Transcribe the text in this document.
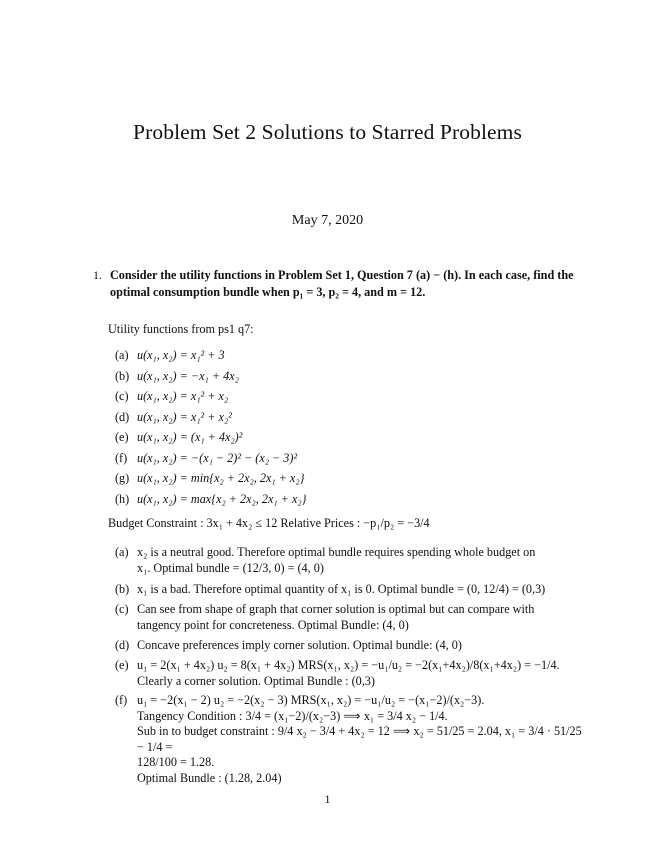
Problem Set 2 Solutions to Starred Problems
May 7, 2020
1. Consider the utility functions in Problem Set 1, Question 7 (a) − (h). In each case, find the optimal consumption bundle when p₁ = 3, p₂ = 4, and m = 12.
Utility functions from ps1 q7:
(a) u(x₁, x₂) = x₁² + 3
(b) u(x₁, x₂) = −x₁ + 4x₂
(c) u(x₁, x₂) = x₁² + x₂
(d) u(x₁, x₂) = x₁² + x₂²
(e) u(x₁, x₂) = (x₁ + 4x₂)²
(f) u(x₁, x₂) = −(x₁ − 2)² − (x₂ − 3)²
(g) u(x₁, x₂) = min{x₂ + 2x₂, 2x₁ + x₂}
(h) u(x₁, x₂) = max{x₂ + 2x₂, 2x₁ + x₂}
Budget Constraint : 3x₁ + 4x₂ ≤ 12 Relative Prices : −p₁/p₂ = −3/4
(a) x₂ is a neutral good. Therefore optimal bundle requires spending whole budget on
x₁. Optimal bundle = (12/3, 0) = (4, 0)
(b) x₁ is a bad. Therefore optimal quantity of x₁ is 0. Optimal bundle = (0, 12/4) = (0,3)
(c) Can see from shape of graph that corner solution is optimal but can compare with
tangency point for concreteness. Optimal Bundle: (4, 0)
(d) Concave preferences imply corner solution. Optimal bundle: (4, 0)
(e) u₁ = 2(x₁ + 4x₂) u₂ = 8(x₁ + 4x₂) MRS(x₁, x₂) = −u₁/u₂ = −2(x₁+4x₂)/8(x₁+4x₂) = −1/4.
Clearly a corner solution. Optimal Bundle : (0,3)
(f) u₁ = −2(x₁ − 2) u₂ = −2(x₂ − 3) MRS(x₁, x₂) = −u₁/u₂ = −(x₁−2)/(x₂−3).
Tangency Condition : 3/4 = (x₁−2)/(x₂−3) ⟹ x₁ = 3/4 x₂ − 1/4.
Sub in to budget constraint : 9/4 x₂ − 3/4 + 4x₂ = 12 ⟹ x₂ = 51/25 = 2.04, x₁ = 3/4 · 51/25 − 1/4 =
128/100 = 1.28.
Optimal Bundle : (1.28, 2.04)
1
